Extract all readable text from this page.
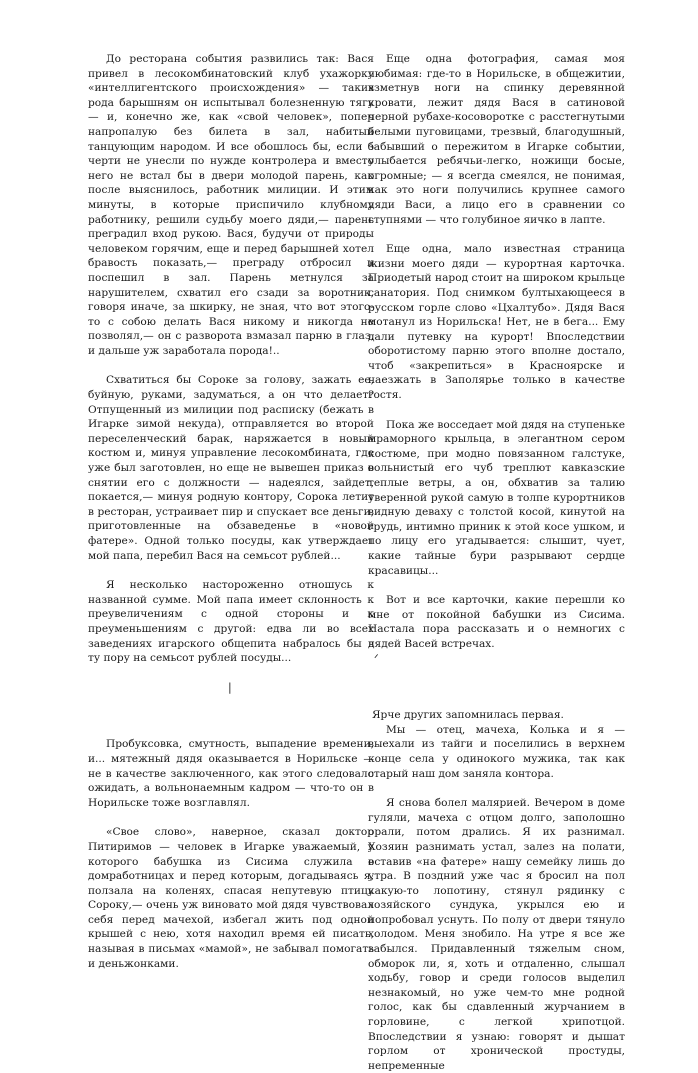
До ресторана события развились так: Вася привел в лесокомбинатовский клуб ухажорку «интеллигентского происхождения» — таких рода барышням он испытывал болезненную тягу — и, конечно же, как «свой человек», попер напропалую без билета в зал, набитый танцующим народом. И все обошлось бы, если б черти не унесли по нужде контролера и вместо него не встал бы в двери молодой парень, как после выяснилось, работник милиции. И этим минуты, в которые приспичило клубному работнику, решили судьбу моего дяди,— парень преградил вход рукою. Вася, будучи от природы человеком горячим, еще и перед барышней хотел бравость показать,— преграду отбросил и поспешил в зал. Парень метнулся за нарушителем, схватил его сзади за воротник, говоря иначе, за шкирку, не зная, что вот этого-то с собою делать Вася никому и никогда не позволял,— он с разворота взмазал парню в глаз, и дальше уж заработала порода!..

Схватиться бы Сороке за голову, зажать ее, буйную, руками, задуматься, а он что делает? Отпущенный из милиции под расписку (бежать в Игарке зимой некуда), отправляется во второй переселенческий барак, наряжается в новый костюм и, минуя управление лесокомбината, где уже был заготовлен, но еще не вывешен приказ о снятии его с должности — надеялся, зайдет, покается,— минуя родную контору, Сорока летит в ресторан, устраивает пир и спускает все деньги, приготовленные на обзаведенье в «новой фатере». Одной только посуды, как утверждает мой папа, перебил Вася на семьсот рублей...

Я несколько настороженно отношусь к названной сумме. Мой папа имеет склонность к преувеличениям с одной стороны и к преуменьшениям с другой: едва ли во всех заведениях игарского общепита набралось бы в ту пору на семьсот рублей посуды...

|

Пробуксовка, смутность, выпадение времени, и... мятежный дядя оказывается в Норильске — не в качестве заключенного, как этого следовало ожидать, а вольнонаемным кадром — что-то он в Норильске тоже возглавлял.

«Свое слово», наверное, сказал доктор Питиримов — человек в Игарке уважаемый, у которого бабушка из Сисима служила в домработницах и перед которым, догадываясь я, ползала на коленях, спасая непутевую птицу Сороку,— очень уж виновато мой дядя чувствовал себя перед мачехой, избегал жить под одной крышей с нею, хотя находил время ей писать, называя в письмах «мамой», не забывал помогать и деньжонками.

Еще одна фотография, самая моя любимая: где-то в Норильске, в общежитии, взметнув ноги на спинку деревянной кровати, лежит дядя Вася в сатиновой черной рубахе-косоворотке с расстегнутыми белыми пуговицами, трезвый, благодушный, забывший о пережитом в Игарке событии, улыбается ребячьи-легко, ножищи босые, огромные; — я всегда смеялся, не понимая, как это ноги получились крупнее самого дяди Васи, а лицо его в сравнении со ступнями — что голубиное яичко в лапте.

Еще одна, мало известная страница жизни моего дяди — курортная карточка. Приодетый народ стоит на широком крыльце санатория. Под снимком бултыхающееся в русском горле слово «Цхалтубо». Дядя Вася мотанул из Норильска! Нет, не в бега... Ему дали путевку на курорт! Впоследствии оборотистому парню этого вполне достало, чтоб «закрепиться» в Красноярске и наезжать в Заполярье только в качестве гостя.

Пока же восседает мой дядя на ступеньке мраморного крыльца, в элегантном сером костюме, при модно повязанном галстуке, вольнистый его чуб треплют кавказские теплые ветры, а он, обхватив за талию уверенной рукой самую в толпе курортников видную деваху с толстой косой, кинутой на грудь, интимно приник к этой косе ушком, и по лицу его угадывается: слышит, чует, какие тайные бури разрывают сердце красавицы...

Вот и все карточки, какие перешли ко мне от покойной бабушки из Сисима. Настала пора рассказать и о немногих с дядей Васей встречах.

ᐟ

Ярче других запомнилась первая.

Мы — отец, мачеха, Колька и я — выехали из тайги и поселились в верхнем конце села у одинокого мужика, так как старый наш дом заняла контора.

Я снова болел малярией. Вечером в доме гуляли, мачеха с отцом долго, заполошно орали, потом дрались. Я их разнимал. Хозяин разнимать устал, залез на полати, оставив «на фатере» нашу семейку лишь до утра. В поздний уже час я бросил на пол какую-то лопотину, стянул рядинку с хозяйского сундука, укрылся ею и попробовал уснуть. По полу от двери тянуло холодом. Меня знобило. На утре я все же забылся. Придавленный тяжелым сном, обморок ли, я, хоть и отдаленно, слышал ходьбу, говор и среди голосов выделил незнакомый, но уже чем-то мне родной голос, как бы сдавленный журчанием в горловине, с легкой хрипотцой. Впоследствии я узнаю: говорят и дышат горлом от хронической простуды, непременные
